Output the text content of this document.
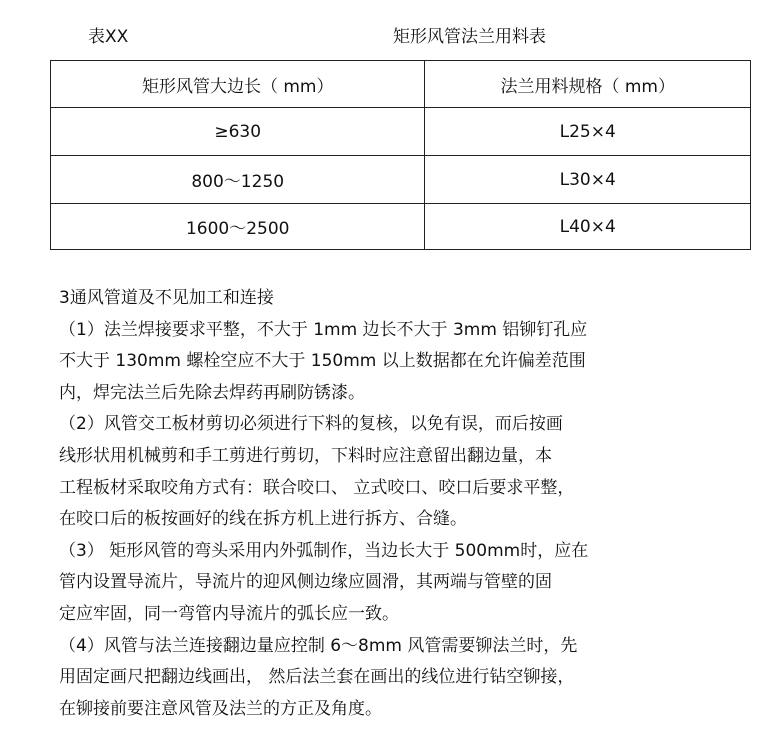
表XX	矩形风管法兰用料表
矩形风管大边长（ mm）	法兰用料规格（ mm）
≥630	L25×4
800～1250	L30×4
1600～2500	L40×4

3通风管道及不见加工和连接

（1）法兰焊接要求平整，不大于 1mm 边长不大于 3mm 铝铆钉孔应

不大于 130mm 螺栓空应不大于 150mm 以上数据都在允许偏差范围

内，焊完法兰后先除去焊药再刷防锈漆。

（2）风管交工板材剪切必须进行下料的复核，以免有误，而后按画

线形状用机械剪和手工剪进行剪切，下料时应注意留出翻边量，本

工程板材采取咬角方式有：联合咬口、 立式咬口、咬口后要求平整，

在咬口后的板按画好的线在拆方机上进行拆方、合缝。

（3） 矩形风管的弯头采用内外弧制作，当边长大于 500mm时，应在

管内设置导流片，导流片的迎风侧边缘应圆滑，其两端与管壁的固

定应牢固，同一弯管内导流片的弧长应一致。

（4）风管与法兰连接翻边量应控制 6～8mm 风管需要铆法兰时，先

用固定画尺把翻边线画出， 然后法兰套在画出的线位进行钻空铆接，

在铆接前要注意风管及法兰的方正及角度。
